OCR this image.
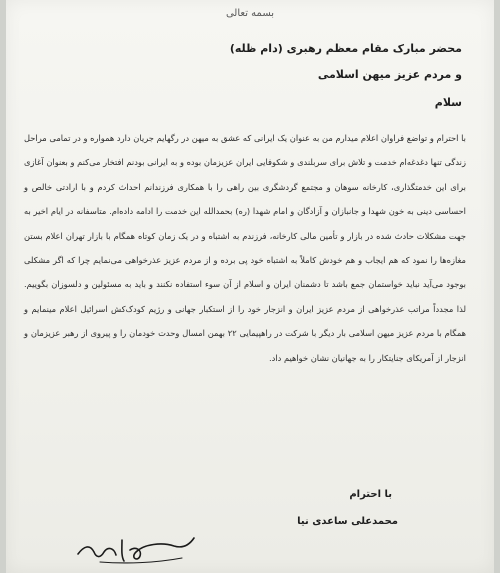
بسمه تعالی
محضر مبارک مقام معظم رهبری (دام ظله)
و مردم عزیز میهن اسلامی
سلام
با احترام و تواضع فراوان اعلام میدارم من به عنوان یک ایرانی که عشق به میهن در رگهایم جریان دارد همواره و در تمامی مراحل زندگی تنها دغدغه‌ام خدمت و تلاش برای سربلندی و شکوفایی ایران عزیزمان بوده و به ایرانی بودنم افتخار می‌کنم و بعنوان آغازی برای این خدمتگذاری، کارخانه سوهان و مجتمع گردشگری بین راهی را با همکاری فرزندانم احداث کردم و با ارادتی خالص و احساسی دینی به خون شهدا و جانبازان و آزادگان و امام شهدا (ره) بحمدالله این خدمت را ادامه داده‌ام. متاسفانه در ایام اخیر به جهت مشکلات حادث شده در بازار و تأمین مالی کارخانه، فرزندم به اشتباه و در یک زمان کوتاه همگام با بازار تهران اعلام بستن مغازه‌ها را نمود که هم ایجاب و هم خودش کاملاً به اشتباه خود پی برده و از مردم عزیز عذرخواهی می‌نمایم چرا که اگر مشکلی بوجود می‌آید نباید خواستمان جمع باشد تا دشمنان ایران و اسلام از آن سوء استفاده نکنند و باید به مسئولین و دلسوزان بگوییم. لذا مجدداً مراتب عذرخواهی از مردم عزیز ایران و انزجار خود را از استکبار جهانی و رژیم کودک‌کش اسرائیل اعلام مینمایم و همگام با مردم عزیز میهن اسلامی بار دیگر با شرکت در راهپیمایی ۲۲ بهمن امسال وحدت خودمان را و پیروی از رهبر عزیزمان و انزجار از آمریکای جنایتکار را به جهانیان نشان خواهیم داد.
با احترام
محمدعلی ساعدی نیا
